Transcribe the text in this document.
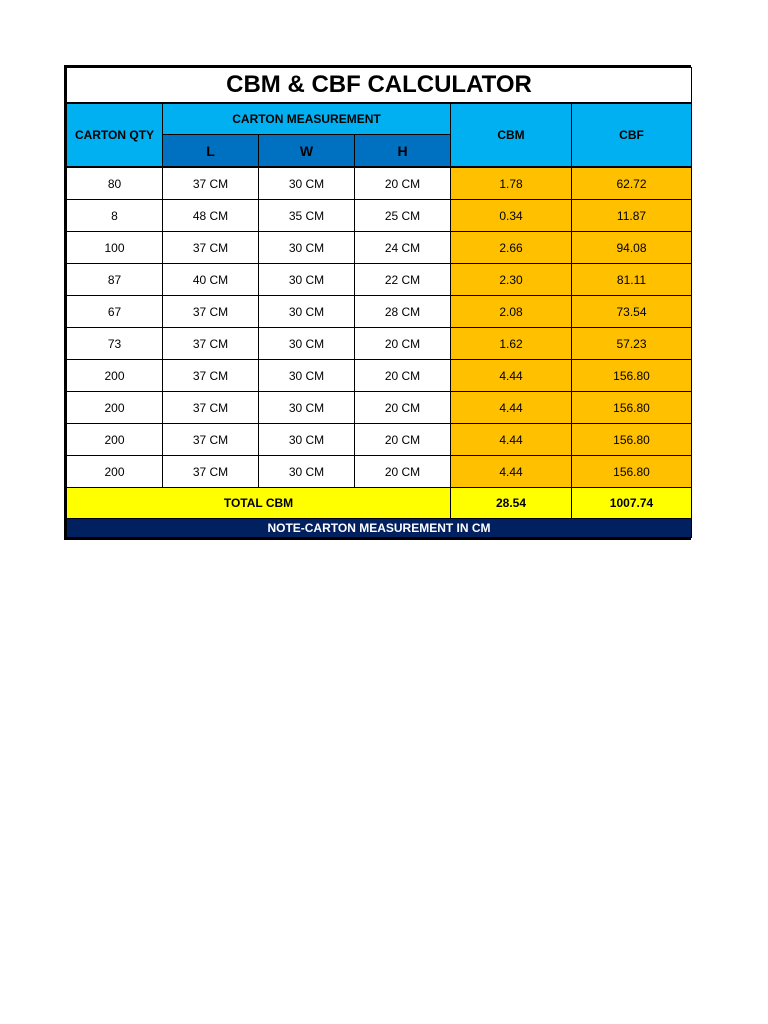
CBM & CBF CALCULATOR					
CARTON QTY	CARTON MEASUREMENT			CBM	CBF
	L	W	H		
80	37 CM	30 CM	20 CM	1.78	62.72
8	48 CM	35 CM	25 CM	0.34	11.87
100	37 CM	30 CM	24 CM	2.66	94.08
87	40 CM	30 CM	22 CM	2.30	81.11
67	37 CM	30 CM	28 CM	2.08	73.54
73	37 CM	30 CM	20 CM	1.62	57.23
200	37 CM	30 CM	20 CM	4.44	156.80
200	37 CM	30 CM	20 CM	4.44	156.80
200	37 CM	30 CM	20 CM	4.44	156.80
200	37 CM	30 CM	20 CM	4.44	156.80
TOTAL CBM				28.54	1007.74
NOTE-CARTON MEASUREMENT IN CM					
